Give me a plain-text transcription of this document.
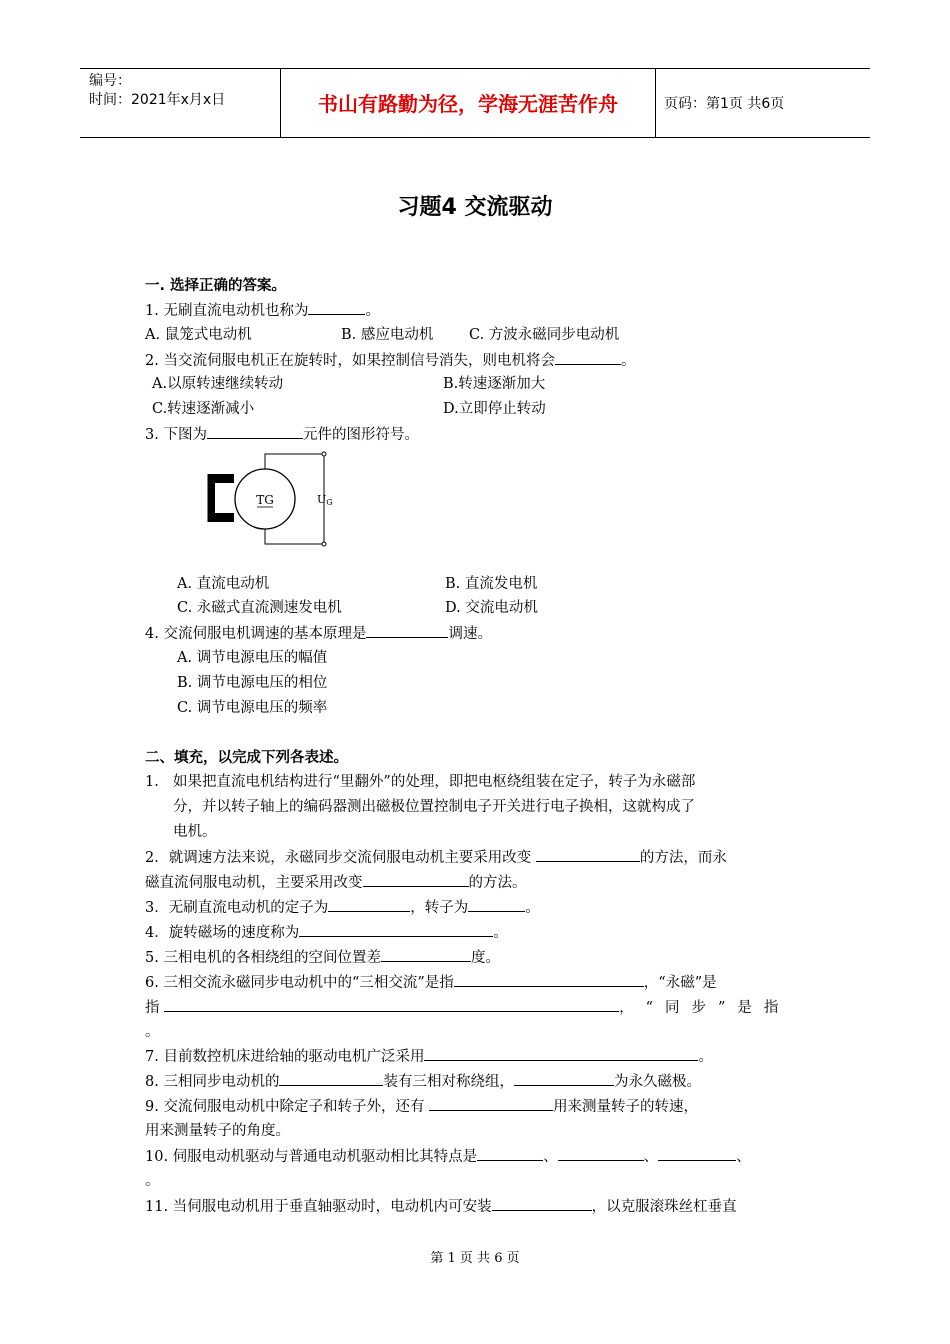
编号：
时间：2021年x月x日	书山有路勤为径，学海无涯苦作舟	页码：第1页 共6页
习题4 交流驱动
一. 选择正确的答案。
1. 无刷直流电动机也称为	。
A. 鼠笼式电动机	B. 感应电动机 C. 方波永磁同步电动机
2. 当交流伺服电机正在旋转时，如果控制信号消失，则电机将会	。
A.以原转速继续转动	B.转速逐渐加大
C.转速逐渐减小	D.立即停止转动
3. 下图为	元件的图形符号。
TG	UG
A. 直流电动机	B. 直流发电机
C. 永磁式直流测速发电机	D. 交流电动机
4. 交流伺服电机调速的基本原理是	调速。
A. 调节电源电压的幅值
B. 调节电源电压的相位
C. 调节电源电压的频率
二、填充，以完成下列各表述。
1. 如果把直流电机结构进行“里翻外”的处理，即把电枢绕组装在定子，转子为永磁部
分，并以转子轴上的编码器测出磁极位置控制电子开关进行电子换相，这就构成了
电机。
2．就调速方法来说，永磁同步交流伺服电动机主要采用改变	的方法，而永
磁直流伺服电动机，主要采用改变	的方法。
3．无刷直流电动机的定子为	，转子为	。
4．旋转磁场的速度称为	。
5. 三相电机的各相绕组的空间位置差	度。
6. 三相交流永磁同步电动机中的“三相交流”是指	，“永磁”是
指	，“同步”是指
。
7. 目前数控机床进给轴的驱动电机广泛采用	。
8. 三相同步电动机的	装有三相对称绕组，	为永久磁极。
9. 交流伺服电动机中除定子和转子外，还有	用来测量转子的转速，
用来测量转子的角度。
10. 伺服电动机驱动与普通电动机驱动相比其特点是	、	、	、
。
11. 当伺服电动机用于垂直轴驱动时，电动机内可安装	，以克服滚珠丝杠垂直
第 1 页 共 6 页
